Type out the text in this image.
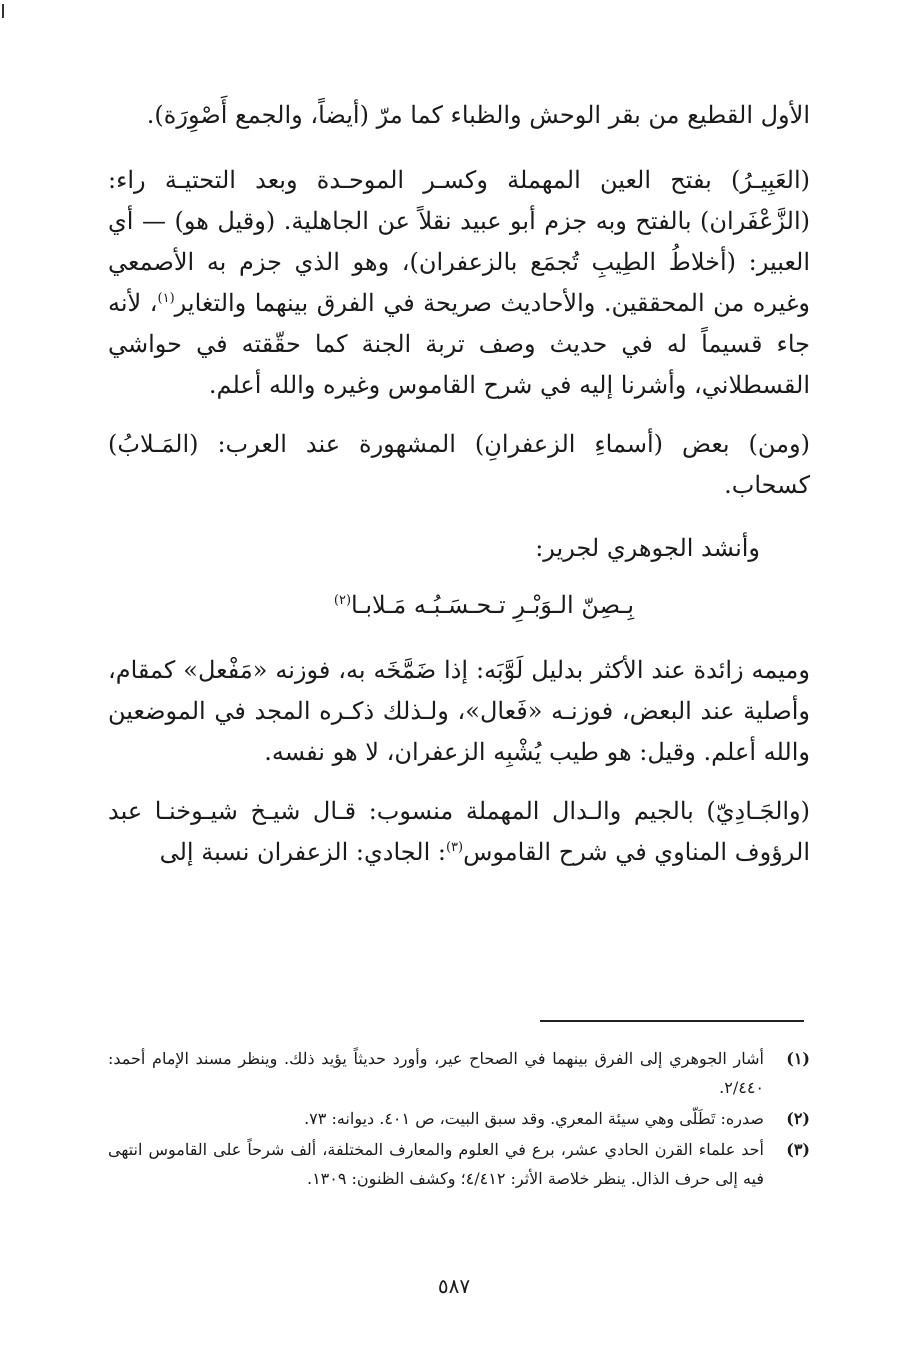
الأول القطيع من بقر الوحش والظباء كما مرّ (أيضاً، والجمع أَصْوِرَة).

(العَبِيـرُ) بفتح العين المهملة وكسـر الموحـدة وبعد التحتيـة راء: (الزَّعْفَران) بالفتح وبه جزم أبو عبيد نقلاً عن الجاهلية. (وقيل هو) — أي العبير: (أخلاطُ الطِيبِ تُجمَع بالزعفران)، وهو الذي جزم به الأصمعي وغيره من المحققين. والأحاديث صريحة في الفرق بينهما والتغاير$^{(١)}$، لأنه جاء قسيماً له في حديث وصف تربة الجنة كما حقّقته في حواشي القسطلاني، وأشرنا إليه في شرح القاموس وغيره والله أعلم.

(ومن) بعض (أسماءِ الزعفرانِ) المشهورة عند العرب: (المَـلابُ) كسحاب.

وأنشد الجوهري لجرير:

بِـصِنّ الـوَبْـرِ تـحـسَـبُـه مَـلابـا$^{(٢)}$

وميمه زائدة عند الأكثر بدليل لَوَّبَه: إذا ضَمَّخَه به، فوزنه «مَفْعل» كمقام، وأصلية عند البعض، فوزنـه «فَعال»، ولـذلك ذكـره المجد في الموضعين والله أعلم. وقيل: هو طيب يُشْبِه الزعفران، لا هو نفسه.

(والجَـادِيّ) بالجيم والـدال المهملة منسوب: قـال شيـخ شيـوخنـا عبد الرؤوف المناوي في شرح القاموس$^{(٣)}$: الجادي: الزعفران نسبة إلى

(١)
أشار الجوهري إلى الفرق بينهما في الصحاح عير، وأورد حديثاً يؤيد ذلك. وينظر مسند الإمام أحمد: ٢/٤٤٠.
(٢)
صدره: تَطَلّى وهي سيئة المعري. وقد سبق البيت، ص ٤٠١. ديوانه: ٧٣.
(٣)
أحد علماء القرن الحادي عشر، برع في العلوم والمعارف المختلفة، ألف شرحاً على القاموس انتهى فيه إلى حرف الذال. ينظر خلاصة الأثر: ٤/٤١٢؛ وكشف الظنون: ١٣٠٩.
٥٨٧
